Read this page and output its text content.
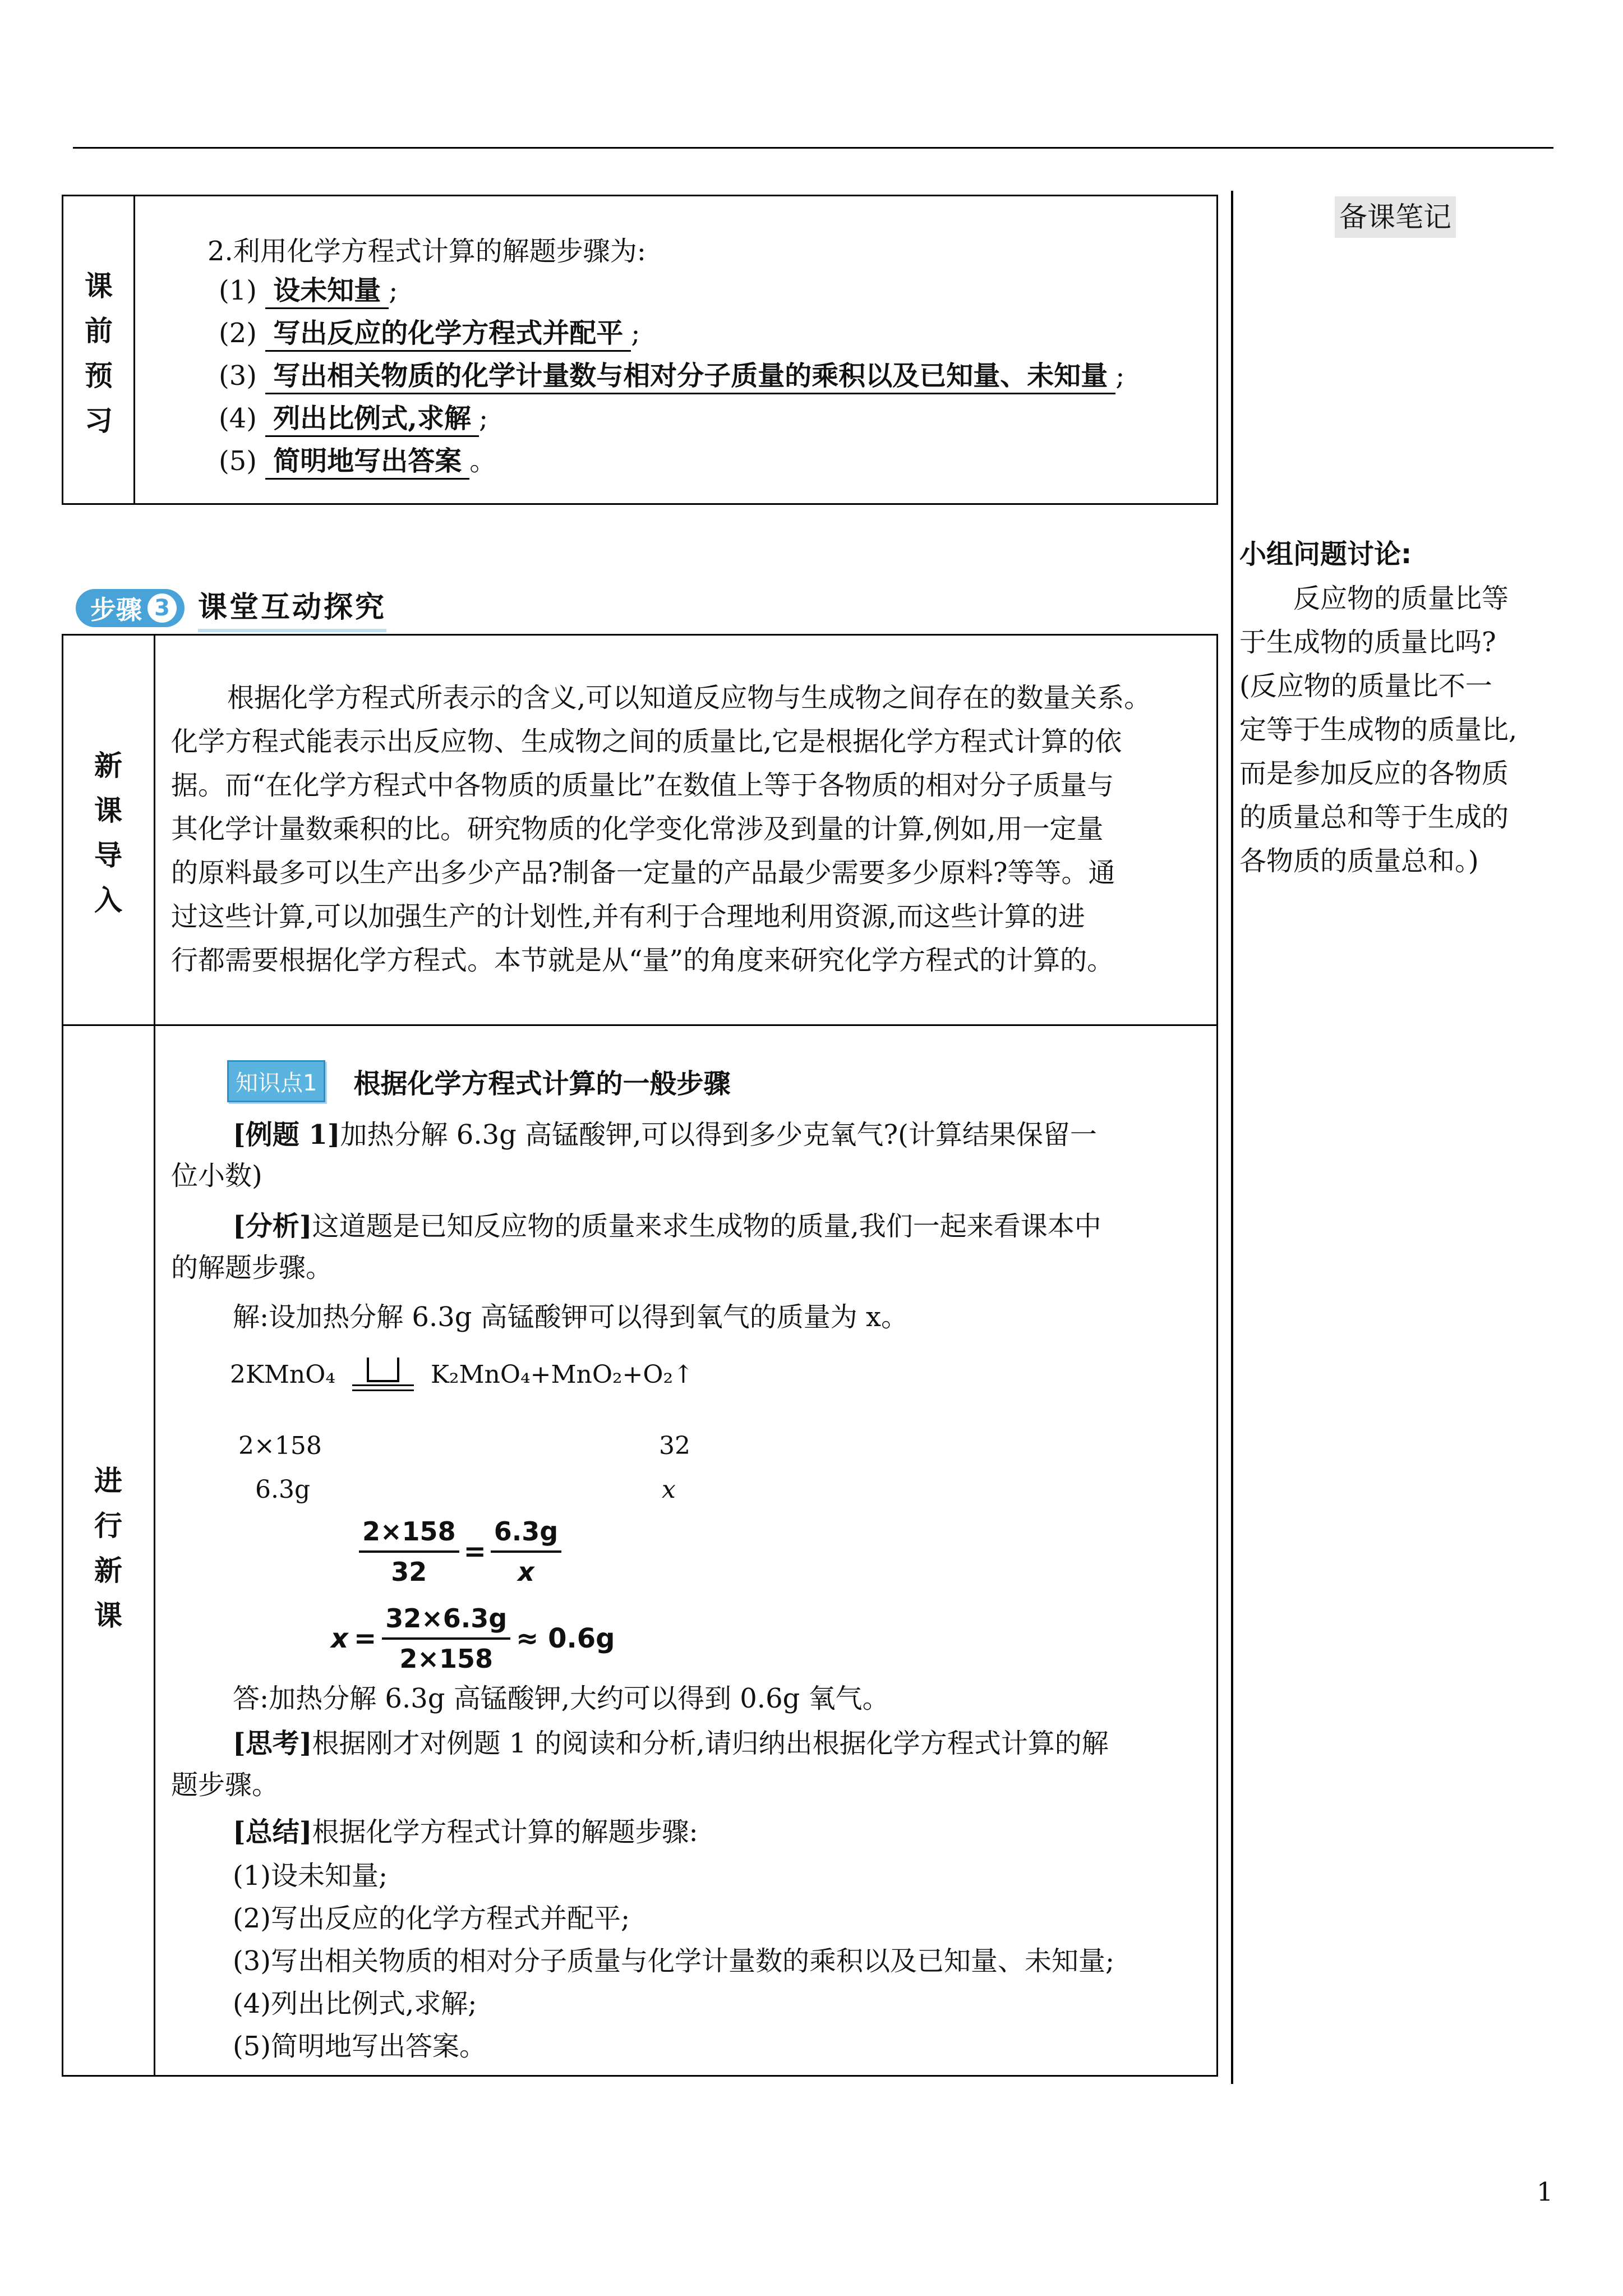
课
前
预
习
2.利用化学方程式计算的解题步骤为:
(1) 设未知量 ;
(2) 写出反应的化学方程式并配平 ;
(3) 写出相关物质的化学计量数与相对分子质量的乘积以及已知量、未知量 ;
(4) 列出比例式,求解 ;
(5) 简明地写出答案 。
备课笔记
小组问题讨论:
反应物的质量比等
于生成物的质量比吗?
(反应物的质量比不一
定等于生成物的质量比,
而是参加反应的各物质
的质量总和等于生成的
各物质的质量总和。)
步骤 3 课堂互动探究
新
课
导
入
根据化学方程式所表示的含义,可以知道反应物与生成物之间存在的数量关系。
化学方程式能表示出反应物、生成物之间的质量比,它是根据化学方程式计算的依
据。而“在化学方程式中各物质的质量比”在数值上等于各物质的相对分子质量与
其化学计量数乘积的比。研究物质的化学变化常涉及到量的计算,例如,用一定量
的原料最多可以生产出多少产品?制备一定量的产品最少需要多少原料?等等。通
过这些计算,可以加强生产的计划性,并有利于合理地利用资源,而这些计算的进
行都需要根据化学方程式。本节就是从“量”的角度来研究化学方程式的计算的。
进
行
新
课
知识点1	根据化学方程式计算的一般步骤
[例题 1]加热分解 6.3g 高锰酸钾,可以得到多少克氧气?(计算结果保留一
位小数)
[分析]这道题是已知反应物的质量来求生成物的质量,我们一起来看课本中
的解题步骤。
解:设加热分解 6.3g 高锰酸钾可以得到氧气的质量为 x。
2KMnO₄	K₂MnO₄+MnO₂+O₂↑
2×158	32
6.3g	x
$\frac{2\times 158}{32} = \frac{6.3g}{x}$
$x = \frac{32\times 6.3g}{2\times 158} \approx 0.6g$
答:加热分解 6.3g 高锰酸钾,大约可以得到 0.6g 氧气。
[思考]根据刚才对例题 1 的阅读和分析,请归纳出根据化学方程式计算的解
题步骤。
[总结]根据化学方程式计算的解题步骤:
(1)设未知量;
(2)写出反应的化学方程式并配平;
(3)写出相关物质的相对分子质量与化学计量数的乘积以及已知量、未知量;
(4)列出比例式,求解;
(5)简明地写出答案。
1
